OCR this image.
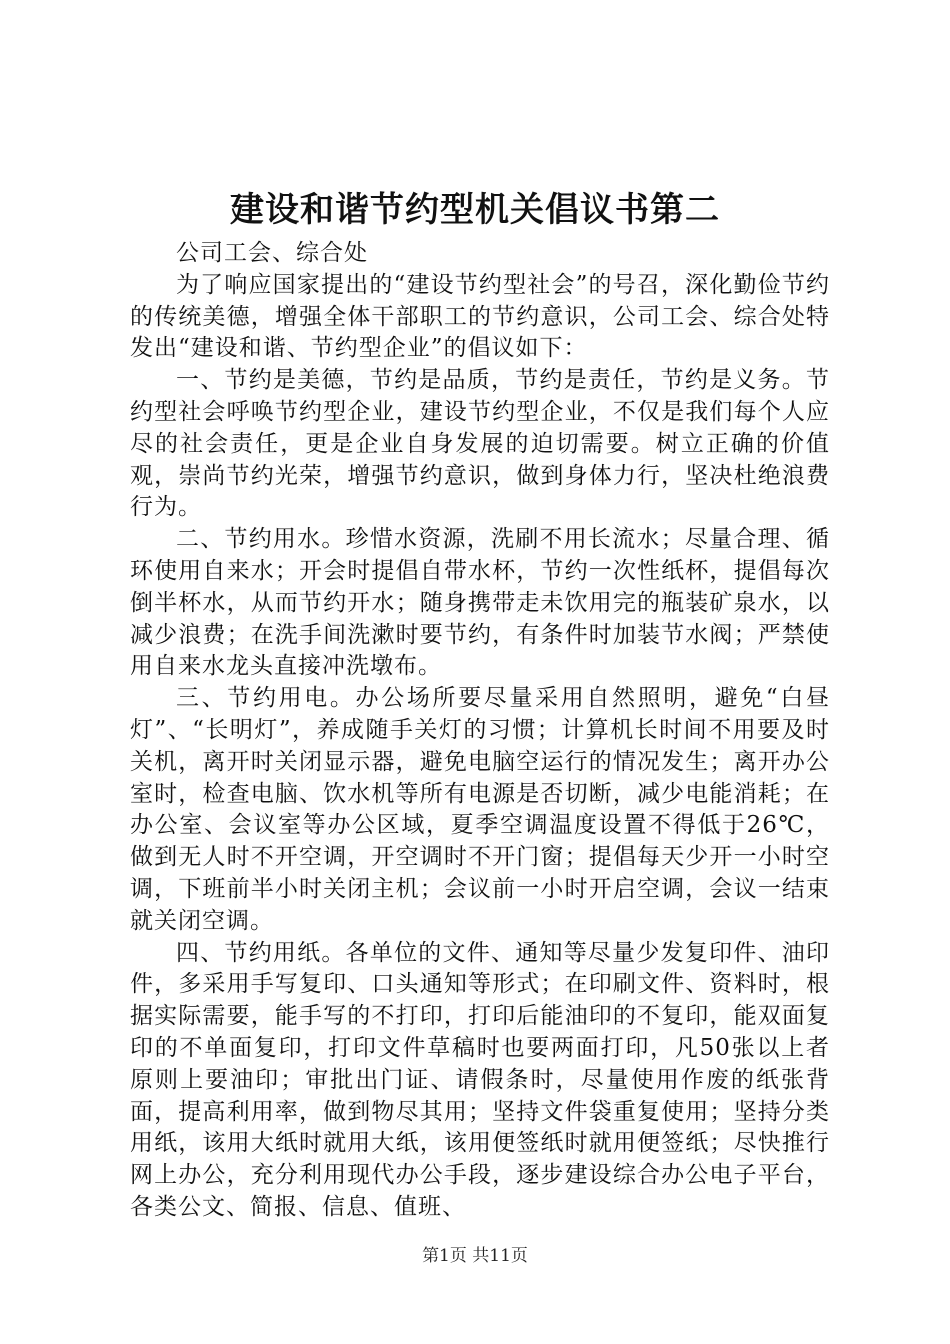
建设和谐节约型机关倡议书第二

公司工会、综合处

为了响应国家提出的“建设节约型社会”的号召，深化勤俭节约的传统美德，增强全体干部职工的节约意识，公司工会、综合处特发出“建设和谐、节约型企业”的倡议如下：

一、节约是美德，节约是品质，节约是责任，节约是义务。节约型社会呼唤节约型企业，建设节约型企业，不仅是我们每个人应尽的社会责任，更是企业自身发展的迫切需要。树立正确的价值观，崇尚节约光荣，增强节约意识，做到身体力行，坚决杜绝浪费行为。

二、节约用水。珍惜水资源，洗刷不用长流水；尽量合理、循环使用自来水；开会时提倡自带水杯，节约一次性纸杯，提倡每次倒半杯水，从而节约开水；随身携带走未饮用完的瓶装矿泉水，以减少浪费；在洗手间洗漱时要节约，有条件时加装节水阀；严禁使用自来水龙头直接冲洗墩布。

三、节约用电。办公场所要尽量采用自然照明，避免“白昼灯”、“长明灯”，养成随手关灯的习惯；计算机长时间不用要及时关机，离开时关闭显示器，避免电脑空运行的情况发生；离开办公室时，检查电脑、饮水机等所有电源是否切断，减少电能消耗；在办公室、会议室等办公区域，夏季空调温度设置不得低于26℃，做到无人时不开空调，开空调时不开门窗；提倡每天少开一小时空调，下班前半小时关闭主机；会议前一小时开启空调，会议一结束就关闭空调。

四、节约用纸。各单位的文件、通知等尽量少发复印件、油印件，多采用手写复印、口头通知等形式；在印刷文件、资料时，根据实际需要，能手写的不打印，打印后能油印的不复印，能双面复印的不单面复印，打印文件草稿时也要两面打印，凡50张以上者原则上要油印；审批出门证、请假条时，尽量使用作废的纸张背面，提高利用率，做到物尽其用；坚持文件袋重复使用；坚持分类用纸，该用大纸时就用大纸，该用便签纸时就用便签纸；尽快推行网上办公，充分利用现代办公手段，逐步建设综合办公电子平台，各类公文、简报、信息、值班、

第1页 共11页
